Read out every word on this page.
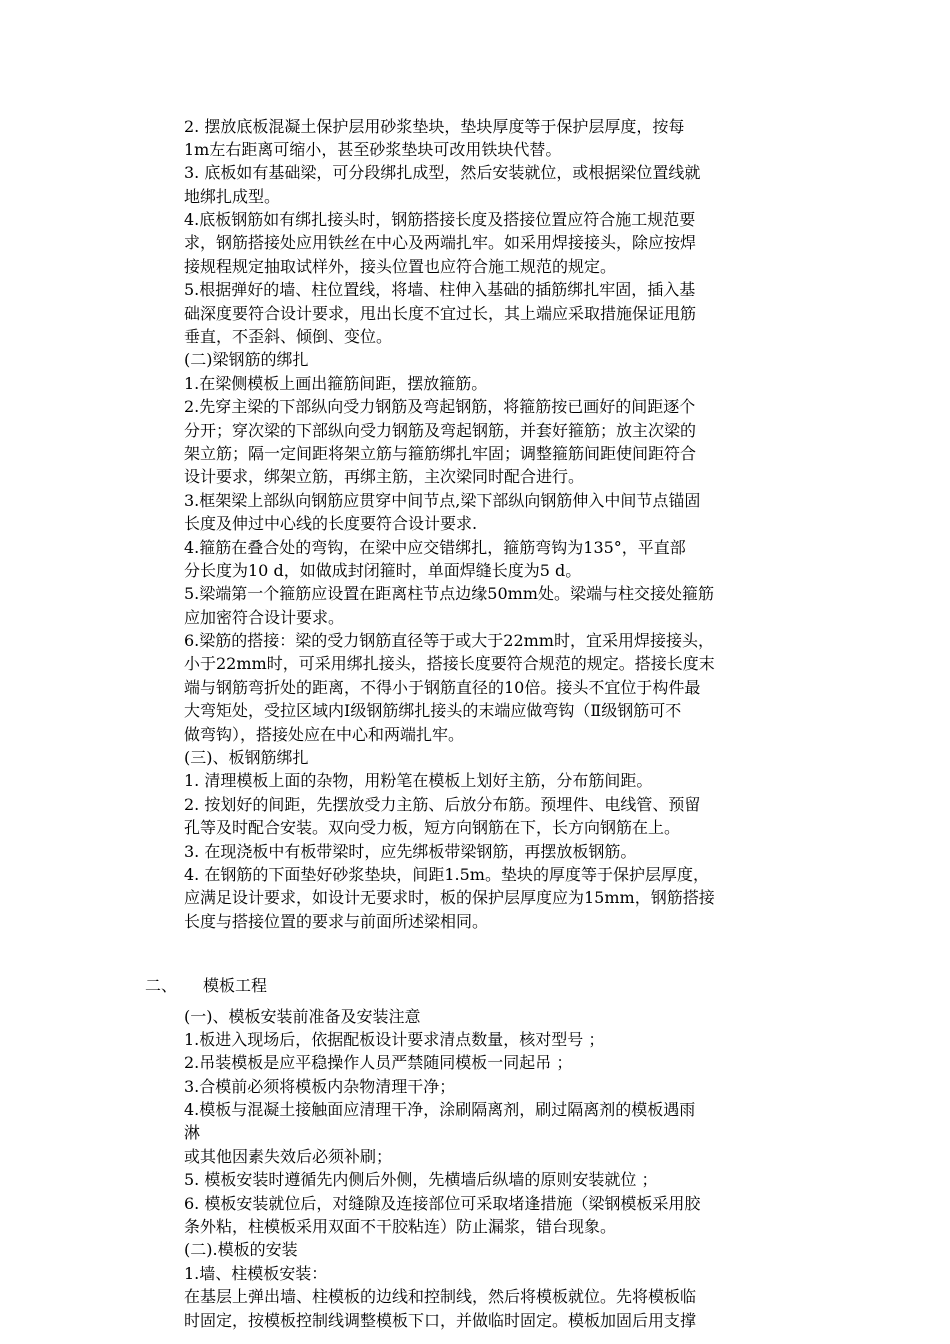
2. 摆放底板混凝土保护层用砂浆垫块，垫块厚度等于保护层厚度，按每
1m左右距离可缩小，甚至砂浆垫块可改用铁块代替。
3. 底板如有基础梁，可分段绑扎成型，然后安装就位，或根据梁位置线就
地绑扎成型。
4.底板钢筋如有绑扎接头时，钢筋搭接长度及搭接位置应符合施工规范要
求，钢筋搭接处应用铁丝在中心及两端扎牢。如采用焊接接头，除应按焊
接规程规定抽取试样外，接头位置也应符合施工规范的规定。
5.根据弹好的墙、柱位置线，将墙、柱伸入基础的插筋绑扎牢固，插入基
础深度要符合设计要求，甩出长度不宜过长，其上端应采取措施保证甩筋
垂直，不歪斜、倾倒、变位。
(二)梁钢筋的绑扎
1.在梁侧模板上画出箍筋间距，摆放箍筋。
2.先穿主梁的下部纵向受力钢筋及弯起钢筋，将箍筋按已画好的间距逐个
分开；穿次梁的下部纵向受力钢筋及弯起钢筋，并套好箍筋；放主次梁的
架立筋；隔一定间距将架立筋与箍筋绑扎牢固；调整箍筋间距使间距符合
设计要求，绑架立筋，再绑主筋，主次梁同时配合进行。
3.框架梁上部纵向钢筋应贯穿中间节点,梁下部纵向钢筋伸入中间节点锚固
长度及伸过中心线的长度要符合设计要求.
4.箍筋在叠合处的弯钩，在梁中应交错绑扎，箍筋弯钩为135°，平直部
分长度为10 d，如做成封闭箍时，单面焊缝长度为5 d。
5.梁端第一个箍筋应设置在距离柱节点边缘50mm处。梁端与柱交接处箍筋
应加密符合设计要求。
6.梁筋的搭接：梁的受力钢筋直径等于或大于22mm时，宜采用焊接接头，
小于22mm时，可采用绑扎接头，搭接长度要符合规范的规定。搭接长度末
端与钢筋弯折处的距离，不得小于钢筋直径的10倍。接头不宜位于构件最
大弯矩处，受拉区域内Ⅰ级钢筋绑扎接头的末端应做弯钩（Ⅱ级钢筋可不
做弯钩），搭接处应在中心和两端扎牢。
(三)、板钢筋绑扎
1. 清理模板上面的杂物，用粉笔在模板上划好主筋，分布筋间距。
2. 按划好的间距，先摆放受力主筋、后放分布筋。预埋件、电线管、预留
孔等及时配合安装。双向受力板，短方向钢筋在下，长方向钢筋在上。
3. 在现浇板中有板带梁时，应先绑板带梁钢筋，再摆放板钢筋。
4. 在钢筋的下面垫好砂浆垫块，间距1.5m。垫块的厚度等于保护层厚度，
应满足设计要求，如设计无要求时，板的保护层厚度应为15mm，钢筋搭接
长度与搭接位置的要求与前面所述梁相同。
二、 模板工程
(一)、模板安装前准备及安装注意
1.板进入现场后，依据配板设计要求清点数量，核对型号 ；
2.吊装模板是应平稳操作人员严禁随同模板一同起吊 ；
3.合模前必须将模板内杂物清理干净；
4.模板与混凝土接触面应清理干净，涂刷隔离剂，刷过隔离剂的模板遇雨
淋
或其他因素失效后必须补刷；
5. 模板安装时遵循先内侧后外侧，先横墙后纵墙的原则安装就位 ；
6. 模板安装就位后，对缝隙及连接部位可采取堵逢措施（梁钢模板采用胶
条外粘，柱模板采用双面不干胶粘连）防止漏浆，错台现象。
(二).模板的安装
1.墙、柱模板安装：
在基层上弹出墙、柱模板的边线和控制线，然后将模板就位。先将模板临
时固定，按模板控制线调整模板下口，并做临时固定。模板加固后用支撑
